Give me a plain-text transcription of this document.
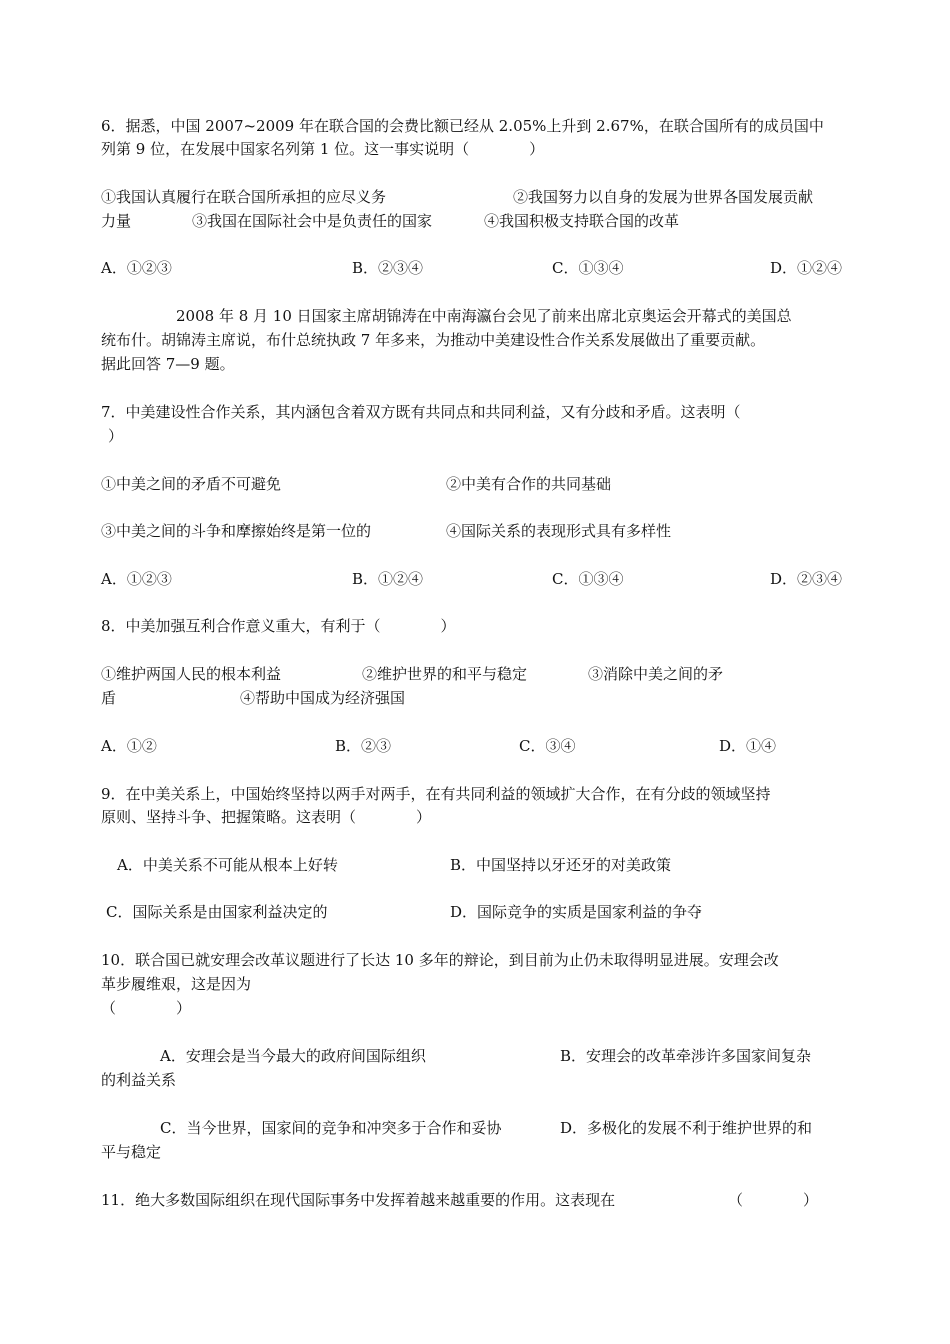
6．据悉，中国 2007~2009 年在联合国的会费比额已经从 2.05%上升到 2.67%，在联合国所有的成员国中
列第 9 位，在发展中国家名列第 1 位。这一事实说明（　　　　）
①我国认真履行在联合国所承担的应尽义务	②我国努力以自身的发展为世界各国发展贡献
力量	③我国在国际社会中是负责任的国家	④我国积极支持联合国的改革
A．①②③	B．②③④	C．①③④	D．①②④
2008 年 8 月 10 日国家主席胡锦涛在中南海瀛台会见了前来出席北京奥运会开幕式的美国总
统布什。胡锦涛主席说，布什总统执政 7 年多来，为推动中美建设性合作关系发展做出了重要贡献。
据此回答 7—9 题。
7．中美建设性合作关系，其内涵包含着双方既有共同点和共同利益，又有分歧和矛盾。这表明（
）
①中美之间的矛盾不可避免	②中美有合作的共同基础
③中美之间的斗争和摩擦始终是第一位的	④国际关系的表现形式具有多样性
A．①②③	B．①②④	C．①③④	D．②③④
8．中美加强互利合作意义重大，有利于（　　　　）
①维护两国人民的根本利益	②维护世界的和平与稳定	③消除中美之间的矛
盾	④帮助中国成为经济强国
A．①②	B．②③	C．③④	D．①④
9．在中美关系上，中国始终坚持以两手对两手，在有共同利益的领域扩大合作，在有分歧的领域坚持
原则、坚持斗争、把握策略。这表明（　　　　）
A．中美关系不可能从根本上好转	B．中国坚持以牙还牙的对美政策
C．国际关系是由国家利益决定的	D．国际竞争的实质是国家利益的争夺
10．联合国已就安理会改革议题进行了长达 10 多年的辩论，到目前为止仍未取得明显进展。安理会改
革步履维艰，这是因为
（　　　　）
A．安理会是当今最大的政府间国际组织	B．安理会的改革牵涉许多国家间复杂
的利益关系
C．当今世界，国家间的竞争和冲突多于合作和妥协	D．多极化的发展不利于维护世界的和
平与稳定
11．绝大多数国际组织在现代国际事务中发挥着越来越重要的作用。这表现在	（　　　　）
